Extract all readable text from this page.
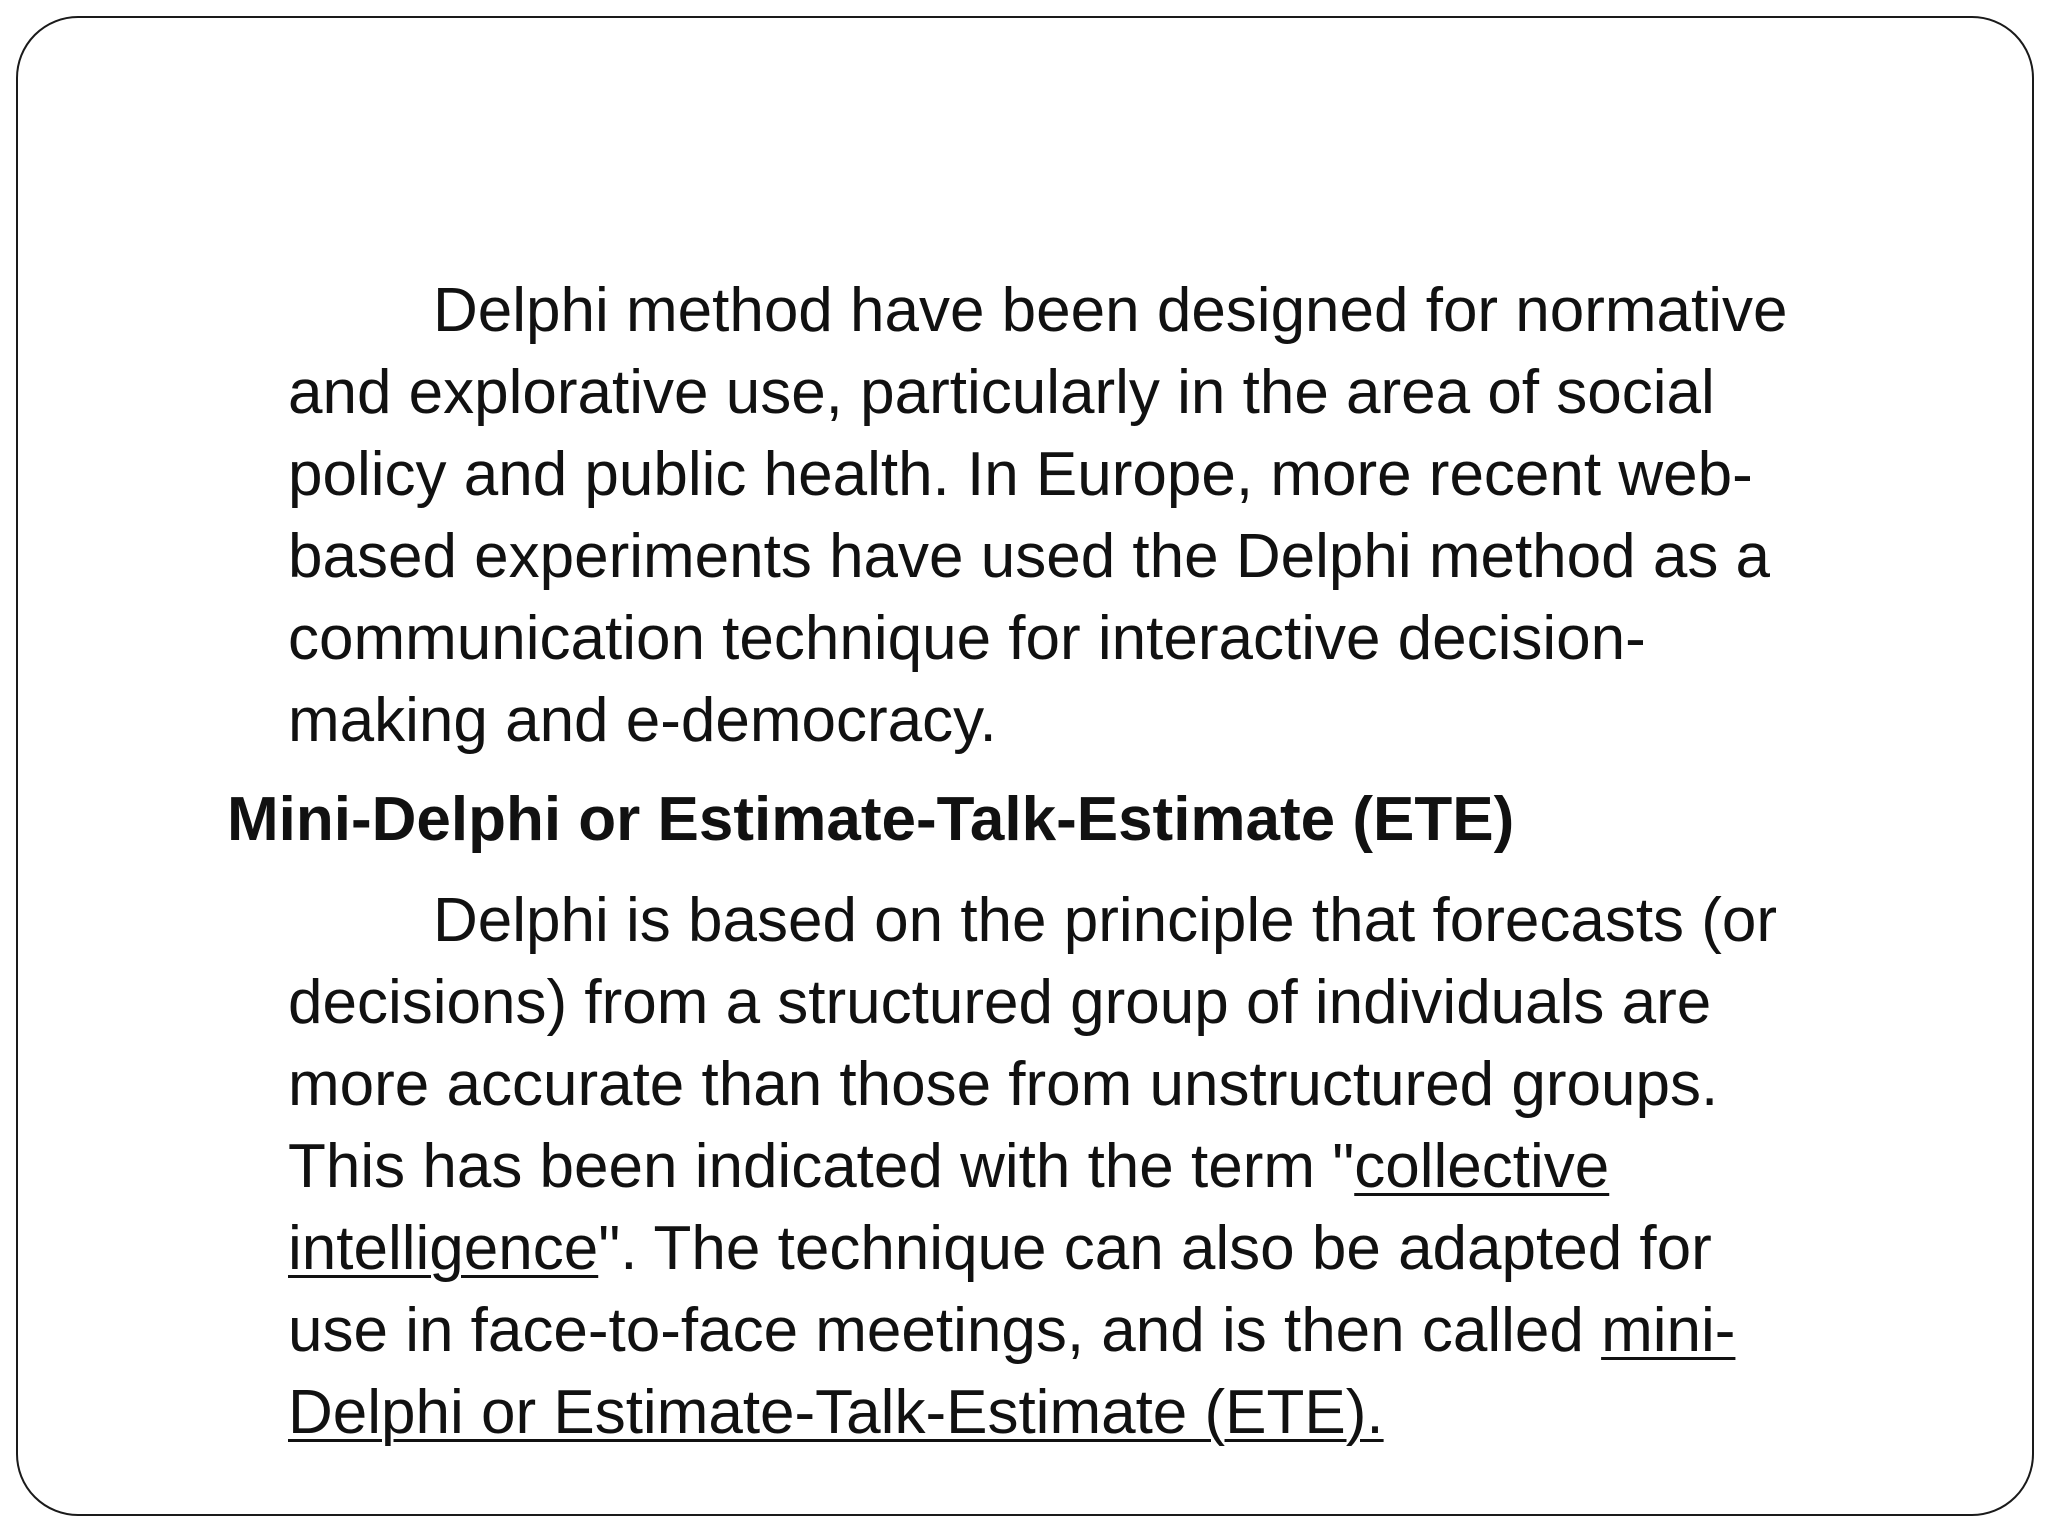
Delphi method have been designed for normative
and explorative use, particularly in the area of social
policy and public health. In Europe, more recent web-
based experiments have used the Delphi method as a
communication technique for interactive decision-
making and e-democracy.

Mini-Delphi or Estimate-Talk-Estimate (ETE)

Delphi is based on the principle that forecasts (or
decisions) from a structured group of individuals are
more accurate than those from unstructured groups.
This has been indicated with the term "collective
intelligence". The technique can also be adapted for
use in face-to-face meetings, and is then called mini-
Delphi or Estimate-Talk-Estimate (ETE).
